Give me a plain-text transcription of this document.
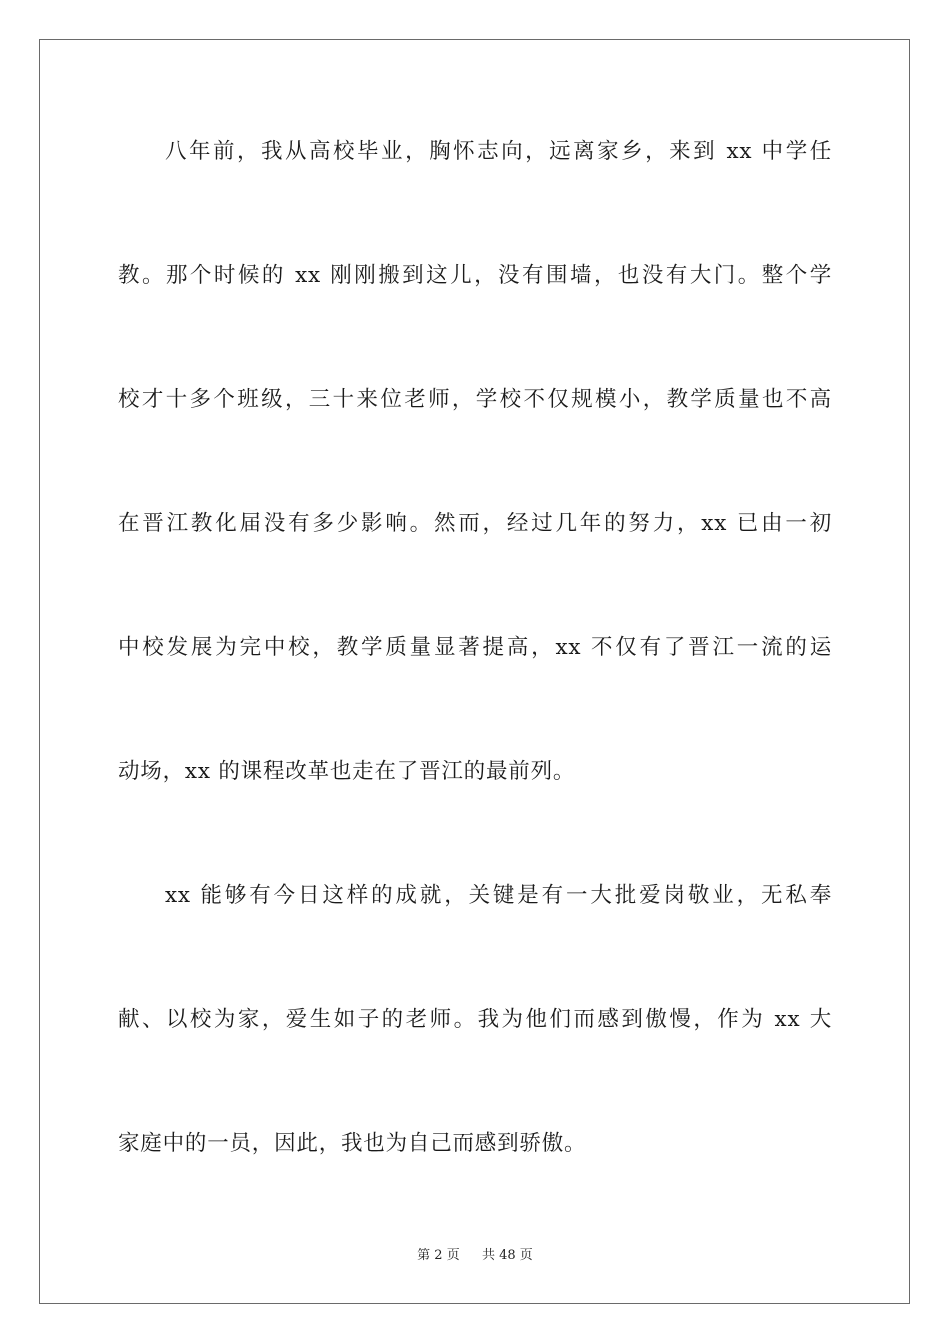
八年前，我从高校毕业，胸怀志向，远离家乡，来到 xx 中学任
教。那个时候的 xx 刚刚搬到这儿，没有围墙，也没有大门。整个学
校才十多个班级，三十来位老师，学校不仅规模小，教学质量也不高
在晋江教化届没有多少影响。然而，经过几年的努力，xx 已由一初
中校发展为完中校，教学质量显著提高，xx 不仅有了晋江一流的运
动场，xx 的课程改革也走在了晋江的最前列。
xx 能够有今日这样的成就，关键是有一大批爱岗敬业，无私奉
献、以校为家，爱生如子的老师。我为他们而感到傲慢，作为 xx 大
家庭中的一员，因此，我也为自己而感到骄傲。
第 2 页 共 48 页
